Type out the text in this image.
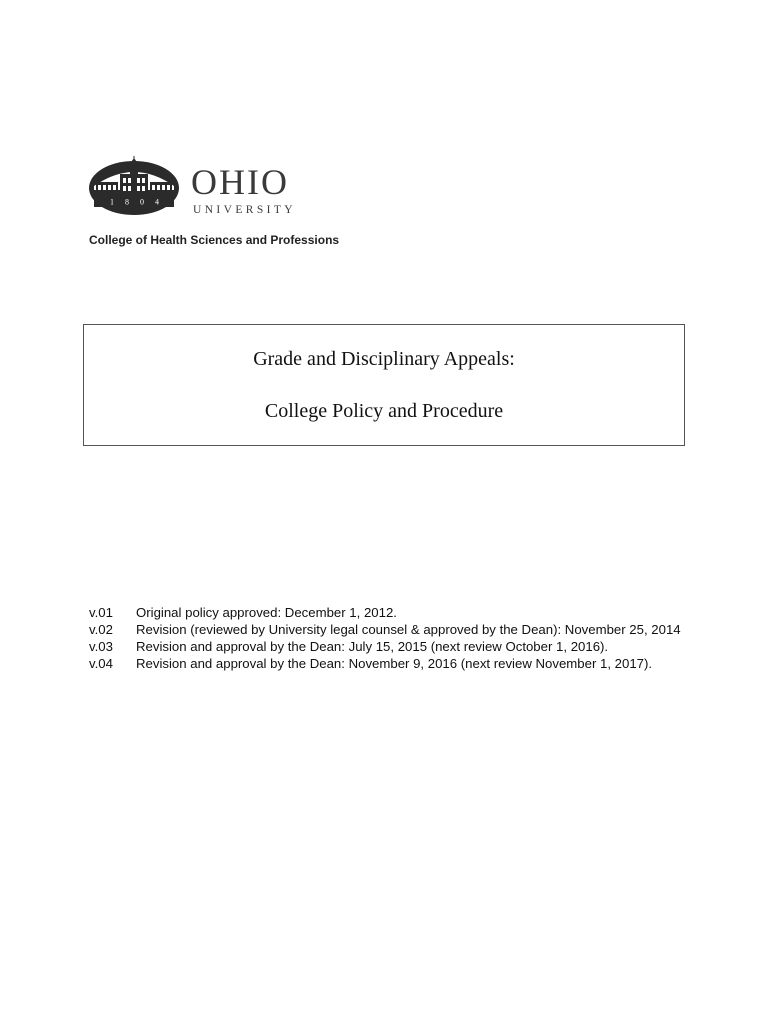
1 8 0 4 OHIO
UNIVERSITY
College of Health Sciences and Professions
Grade and Disciplinary Appeals:
College Policy and Procedure
v.01	Original policy approved: December 1, 2012.
v.02	Revision (reviewed by University legal counsel & approved by the Dean): November 25, 2014
v.03	Revision and approval by the Dean: July 15, 2015 (next review October 1, 2016).
v.04	Revision and approval by the Dean: November 9, 2016 (next review November 1, 2017).
